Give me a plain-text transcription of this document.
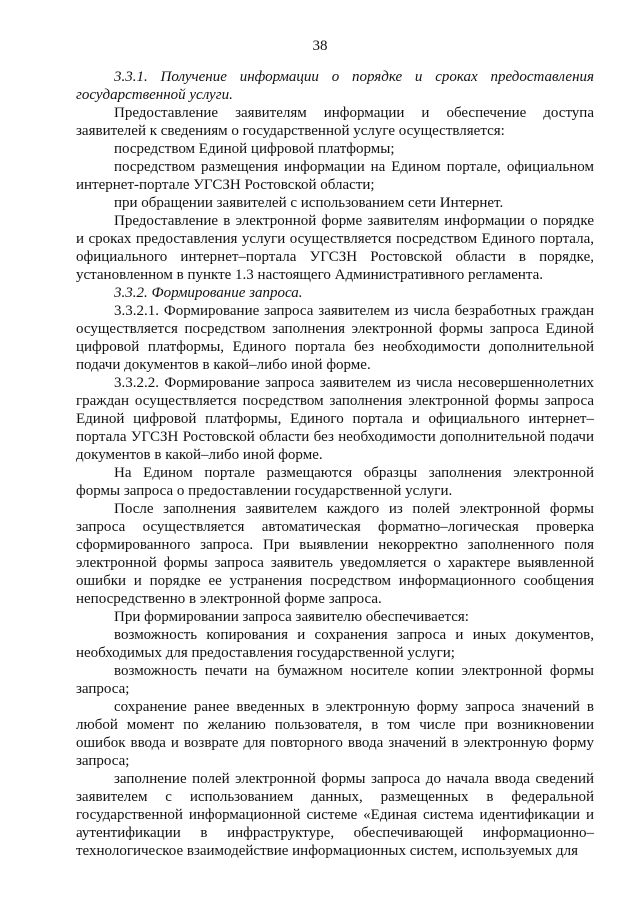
38

3.3.1. Получение информации о порядке и сроках предоставления государственной услуги.

Предоставление заявителям информации и обеспечение доступа заявителей к сведениям о государственной услуге осуществляется:

посредством Единой цифровой платформы;

посредством размещения информации на Едином портале, официальном интернет-портале УГСЗН Ростовской области;

при обращении заявителей с использованием сети Интернет.

Предоставление в электронной форме заявителям информации о порядке и сроках предоставления услуги осуществляется посредством Единого портала, официального интернет–портала УГСЗН Ростовской области в порядке, установленном в пункте 1.3 настоящего Административного регламента.

3.3.2. Формирование запроса.

3.3.2.1. Формирование запроса заявителем из числа безработных граждан осуществляется посредством заполнения электронной формы запроса Единой цифровой платформы, Единого портала без необходимости дополнительной подачи документов в какой–либо иной форме.

3.3.2.2. Формирование запроса заявителем из числа несовершеннолетних граждан осуществляется посредством заполнения электронной формы запроса Единой цифровой платформы, Единого портала и официального интернет–портала УГСЗН Ростовской области без необходимости дополнительной подачи документов в какой–либо иной форме.

На Едином портале размещаются образцы заполнения электронной формы запроса о предоставлении государственной услуги.

После заполнения заявителем каждого из полей электронной формы запроса осуществляется автоматическая форматно–логическая проверка сформированного запроса. При выявлении некорректно заполненного поля электронной формы запроса заявитель уведомляется о характере выявленной ошибки и порядке ее устранения посредством информационного сообщения непосредственно в электронной форме запроса.

При формировании запроса заявителю обеспечивается:

возможность копирования и сохранения запроса и иных документов, необходимых для предоставления государственной услуги;

возможность печати на бумажном носителе копии электронной формы запроса;

сохранение ранее введенных в электронную форму запроса значений в любой момент по желанию пользователя, в том числе при возникновении ошибок ввода и возврате для повторного ввода значений в электронную форму запроса;

заполнение полей электронной формы запроса до начала ввода сведений заявителем с использованием данных, размещенных в федеральной государственной информационной системе «Единая система идентификации и аутентификации в инфраструктуре, обеспечивающей информационно–технологическое взаимодействие информационных систем, используемых для
